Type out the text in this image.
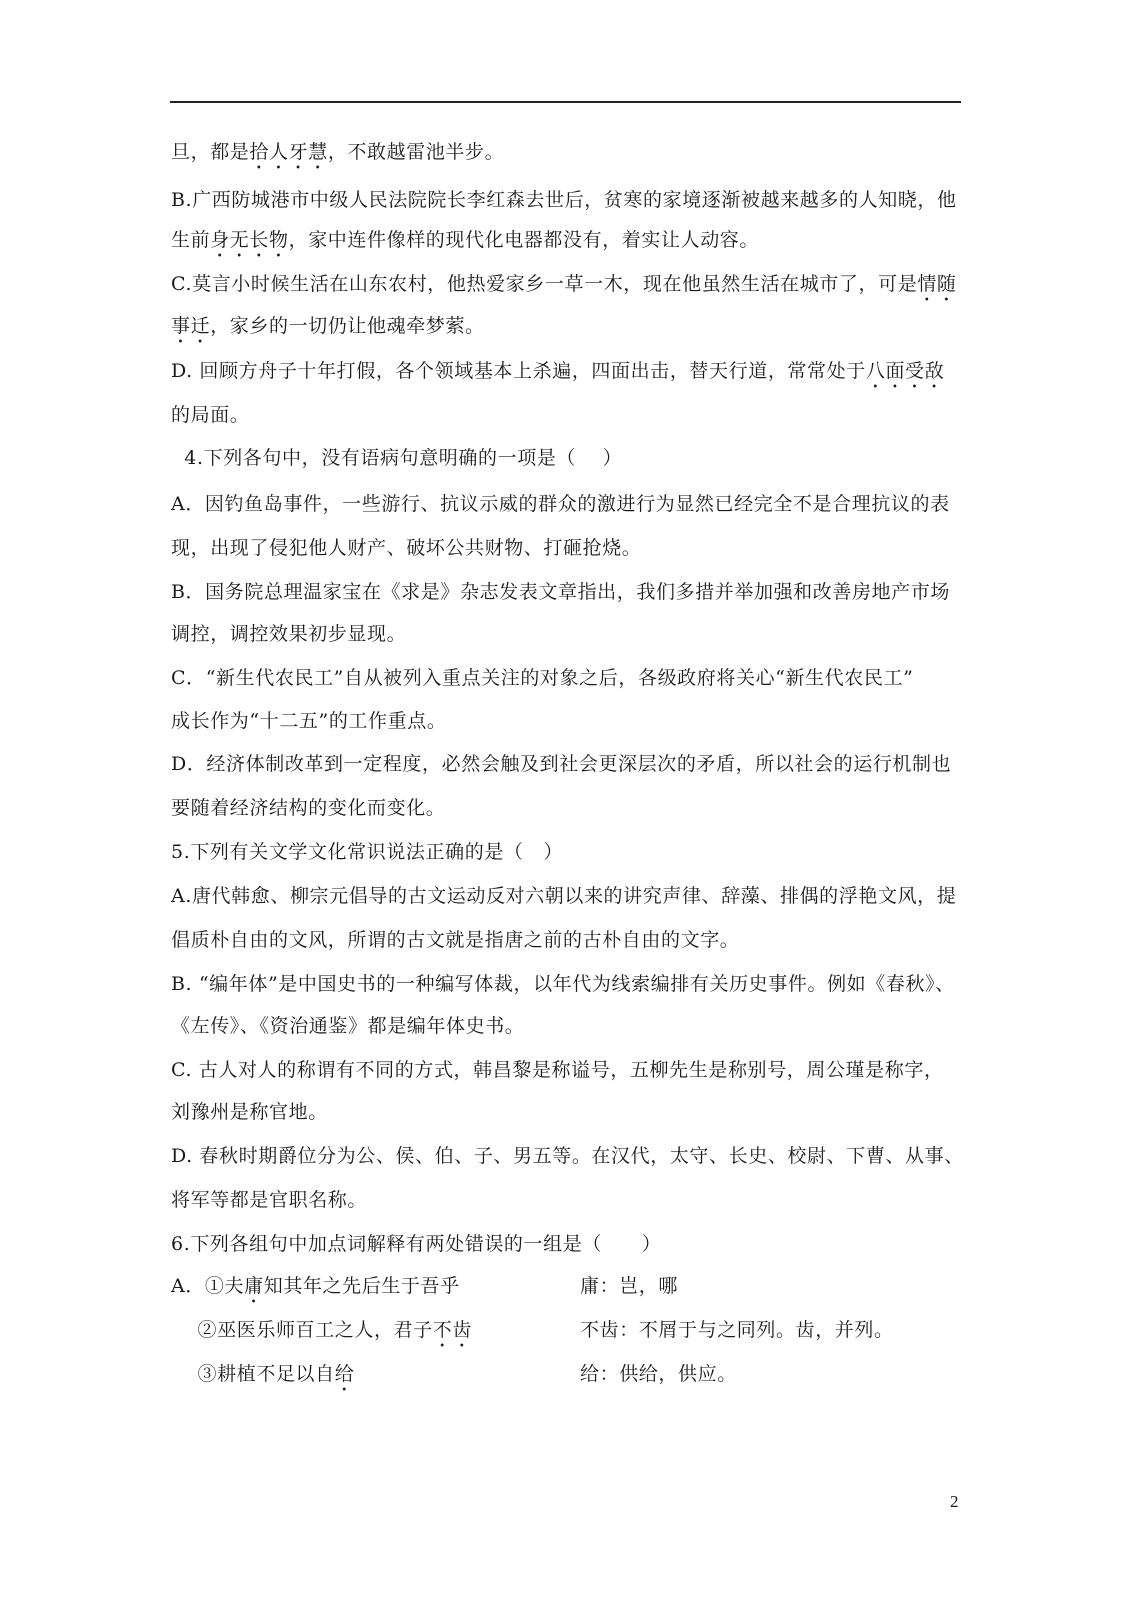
旦，都是拾人牙慧，不敢越雷池半步。
B.广西防城港市中级人民法院院长李红森去世后，贫寒的家境逐渐被越来越多的人知晓，他
生前身无长物，家中连件像样的现代化电器都没有，着实让人动容。
C.莫言小时候生活在山东农村，他热爱家乡一草一木，现在他虽然生活在城市了，可是情随
事迁，家乡的一切仍让他魂牵梦萦。
D. 回顾方舟子十年打假，各个领域基本上杀遍，四面出击，替天行道，常常处于八面受敌
的局面。
4.下列各句中，没有语病句意明确的一项是（    ）
A．因钓鱼岛事件，一些游行、抗议示威的群众的激进行为显然已经完全不是合理抗议的表
现，出现了侵犯他人财产、破坏公共财物、打砸抢烧。
B．国务院总理温家宝在《求是》杂志发表文章指出，我们多措并举加强和改善房地产市场
调控，调控效果初步显现。
C．“新生代农民工”自从被列入重点关注的对象之后，各级政府将关心“新生代农民工”
成长作为“十二五”的工作重点。
D．经济体制改革到一定程度，必然会触及到社会更深层次的矛盾，所以社会的运行机制也
要随着经济结构的变化而变化。
5.下列有关文学文化常识说法正确的是（   ）
A.唐代韩愈、柳宗元倡导的古文运动反对六朝以来的讲究声律、辞藻、排偶的浮艳文风，提
倡质朴自由的文风，所谓的古文就是指唐之前的古朴自由的文字。
B. “编年体”是中国史书的一种编写体裁，以年代为线索编排有关历史事件。例如《春秋》、
《左传》、《资治通鉴》都是编年体史书。
C. 古人对人的称谓有不同的方式，韩昌黎是称谥号，五柳先生是称别号，周公瑾是称字，
刘豫州是称官地。
D. 春秋时期爵位分为公、侯、伯、子、男五等。在汉代，太守、长史、校尉、下曹、从事、
将军等都是官职名称。
6.下列各组句中加点词解释有两处错误的一组是（      ）
A．①夫庸知其年之先后生于吾乎	庸：岂，哪
②巫医乐师百工之人，君子不齿	不齿：不屑于与之同列。齿，并列。
③耕植不足以自给	给：供给，供应。
2
